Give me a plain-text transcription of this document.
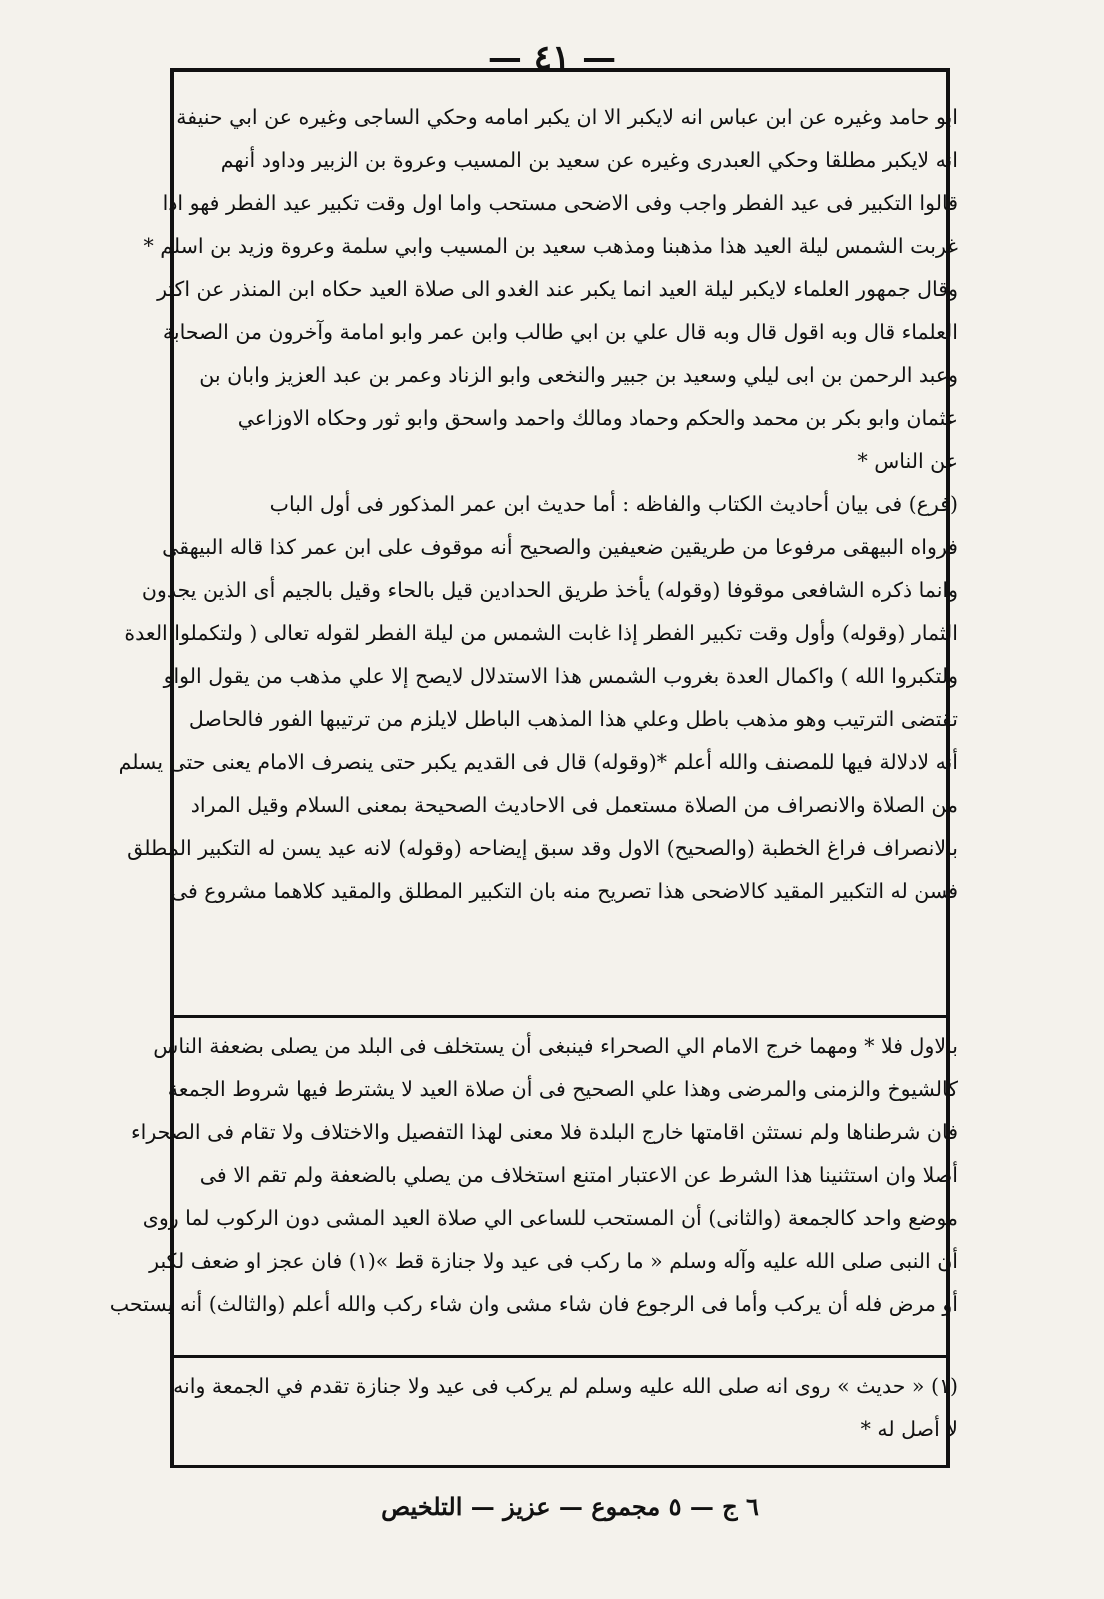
— ٤١ —

ابو حامد وغيره عن ابن عباس انه لايكبر الا ان يكبر امامه وحكي الساجى وغيره عن ابي حنيفة

انه لايكبر مطلقا وحكي العبدرى وغيره عن سعيد بن المسيب وعروة بن الزبير وداود أنهم

قالوا التكبير فى عيد الفطر واجب وفى الاضحى مستحب واما اول وقت تكبير عيد الفطر فهو اذا

غربت الشمس ليلة العيد هذا مذهبنا ومذهب سعيد بن المسيب وابي سلمة وعروة وزيد بن اسلم *

وقال جمهور العلماء لايكبر ليلة العيد انما يكبر عند الغدو الى صلاة العيد حكاه ابن المنذر عن اكثر

العلماء قال وبه اقول قال وبه قال علي بن ابي طالب وابن عمر وابو امامة وآخرون من الصحابة

وعبد الرحمن بن ابى ليلي وسعيد بن جبير والنخعى وابو الزناد وعمر بن عبد العزيز وابان بن

عثمان وابو بكر بن محمد والحكم وحماد ومالك واحمد واسحق وابو ثور وحكاه الاوزاعي

عن الناس *

(فرع) فى بيان أحاديث الكتاب والفاظه : أما حديث ابن عمر المذكور فى أول الباب

فرواه البيهقى مرفوعا من طريقين ضعيفين والصحيح أنه موقوف على ابن عمر كذا قاله البيهقى

وانما ذكره الشافعى موقوفا (وقوله) يأخذ طريق الحدادين قيل بالحاء وقيل بالجيم أى الذين يجدون

الثمار (وقوله) وأول وقت تكبير الفطر إذا غابت الشمس من ليلة الفطر لقوله تعالى ( ولتكملوا العدة

ولتكبروا الله ) واكمال العدة بغروب الشمس هذا الاستدلال لايصح إلا علي مذهب من يقول الواو

تقتضى الترتيب وهو مذهب باطل وعلي هذا المذهب الباطل لايلزم من ترتيبها الفور فالحاصل

أنه لادلالة فيها للمصنف والله أعلم *(وقوله) قال فى القديم يكبر حتى ينصرف الامام يعنى حتى يسلم

من الصلاة والانصراف من الصلاة مستعمل فى الاحاديث الصحيحة بمعنى السلام وقيل المراد

بالانصراف فراغ الخطبة (والصحيح) الاول وقد سبق إيضاحه (وقوله) لانه عيد يسن له التكبير المطلق

فسن له التكبير المقيد كالاضحى هذا تصريح منه بان التكبير المطلق والمقيد كلاهما مشروع فى

بالاول فلا * ومهما خرج الامام الي الصحراء فينبغى أن يستخلف فى البلد من يصلى بضعفة الناس

كالشيوخ والزمنى والمرضى وهذا علي الصحيح فى أن صلاة العيد لا يشترط فيها شروط الجمعة

فان شرطناها ولم نستثن اقامتها خارج البلدة فلا معنى لهذا التفصيل والاختلاف ولا تقام فى الصحراء

أصلا وان استثنينا هذا الشرط عن الاعتبار امتنع استخلاف من يصلي بالضعفة ولم تقم الا فى

موضع واحد كالجمعة (والثانى) أن المستحب للساعى الي صلاة العيد المشى دون الركوب لما روى

أن النبى صلى الله عليه وآله وسلم « ما ركب فى عيد ولا جنازة قط »(١) فان عجز او ضعف لكبر

أو مرض فله أن يركب وأما فى الرجوع فان شاء مشى وان شاء ركب والله أعلم (والثالث) أنه يستحب

(١) « حديث » روى انه صلى الله عليه وسلم لم يركب فى عيد ولا جنازة تقدم في الجمعة وانه

لا أصل له *

٦ ج — ٥ مجموع — عزيز — التلخيص
